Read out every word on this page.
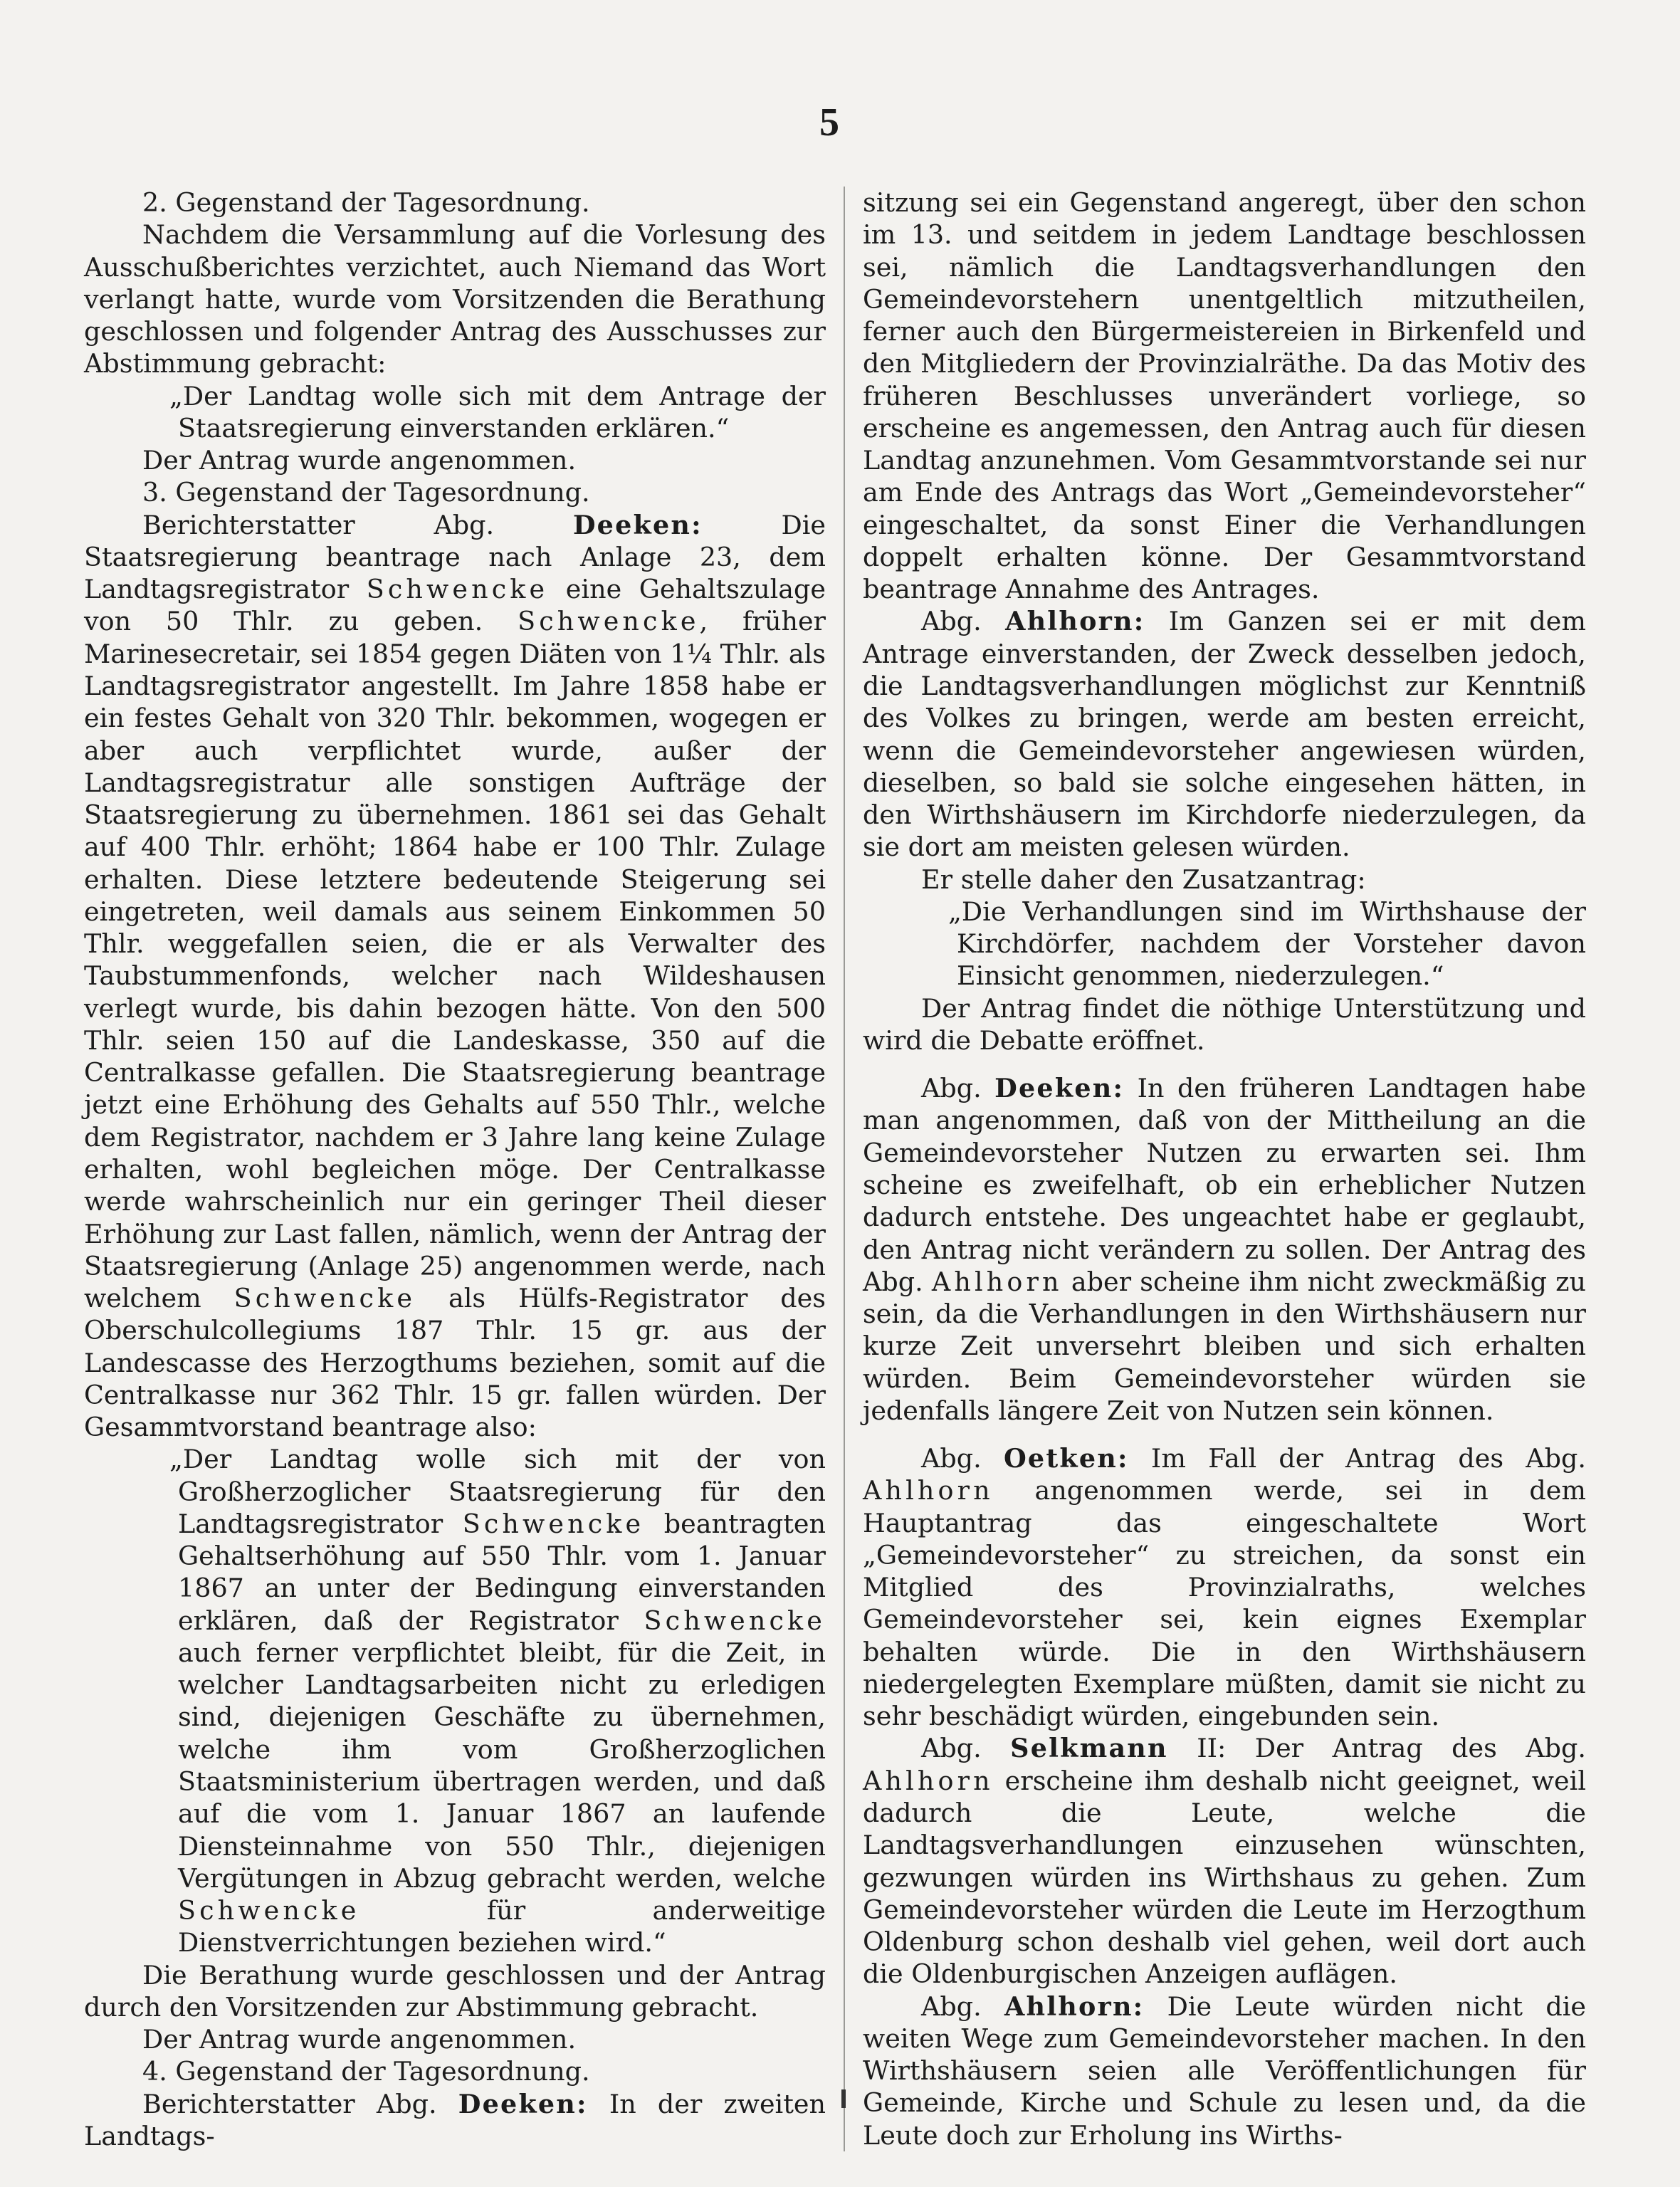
5

2. Gegenstand der Tagesordnung.

Nachdem die Versammlung auf die Vorlesung des Ausschußberichtes verzichtet, auch Niemand das Wort verlangt hatte, wurde vom Vorsitzenden die Berathung geschlossen und folgender Antrag des Ausschusses zur Abstimmung gebracht:

„Der Landtag wolle sich mit dem Antrage der Staatsregierung einverstanden erklären.“

Der Antrag wurde angenommen.

3. Gegenstand der Tagesordnung.

Berichterstatter Abg. Deeken: Die Staatsregierung beantrage nach Anlage 23, dem Landtagsregistrator Schwencke eine Gehaltszulage von 50 Thlr. zu geben. Schwencke, früher Marinesecretair, sei 1854 gegen Diäten von 1¼ Thlr. als Landtagsregistrator angestellt. Im Jahre 1858 habe er ein festes Gehalt von 320 Thlr. bekommen, wogegen er aber auch verpflichtet wurde, außer der Landtagsregistratur alle sonstigen Aufträge der Staatsregierung zu übernehmen. 1861 sei das Gehalt auf 400 Thlr. erhöht; 1864 habe er 100 Thlr. Zulage erhalten. Diese letztere bedeutende Steigerung sei eingetreten, weil damals aus seinem Einkommen 50 Thlr. weggefallen seien, die er als Verwalter des Taubstummenfonds, welcher nach Wildeshausen verlegt wurde, bis dahin bezogen hätte. Von den 500 Thlr. seien 150 auf die Landeskasse, 350 auf die Centralkasse gefallen. Die Staatsregierung beantrage jetzt eine Erhöhung des Gehalts auf 550 Thlr., welche dem Registrator, nachdem er 3 Jahre lang keine Zulage erhalten, wohl begleichen möge. Der Centralkasse werde wahrscheinlich nur ein geringer Theil dieser Erhöhung zur Last fallen, nämlich, wenn der Antrag der Staatsregierung (Anlage 25) angenommen werde, nach welchem Schwencke als Hülfs-Registrator des Oberschulcollegiums 187 Thlr. 15 gr. aus der Landescasse des Herzogthums beziehen, somit auf die Centralkasse nur 362 Thlr. 15 gr. fallen würden. Der Gesammtvorstand beantrage also:

„Der Landtag wolle sich mit der von Großherzoglicher Staatsregierung für den Landtagsregistrator Schwencke beantragten Gehaltserhöhung auf 550 Thlr. vom 1. Januar 1867 an unter der Bedingung einverstanden erklären, daß der Registrator Schwencke auch ferner verpflichtet bleibt, für die Zeit, in welcher Landtagsarbeiten nicht zu erledigen sind, diejenigen Geschäfte zu übernehmen, welche ihm vom Großherzoglichen Staatsministerium übertragen werden, und daß auf die vom 1. Januar 1867 an laufende Diensteinnahme von 550 Thlr., diejenigen Vergütungen in Abzug gebracht werden, welche Schwencke für anderweitige Dienstverrichtungen beziehen wird.“

Die Berathung wurde geschlossen und der Antrag durch den Vorsitzenden zur Abstimmung gebracht.

Der Antrag wurde angenommen.

4. Gegenstand der Tagesordnung.

Berichterstatter Abg. Deeken: In der zweiten Landtags-

sitzung sei ein Gegenstand angeregt, über den schon im 13. und seitdem in jedem Landtage beschlossen sei, nämlich die Landtagsverhandlungen den Gemeindevorstehern unentgeltlich mitzutheilen, ferner auch den Bürgermeistereien in Birkenfeld und den Mitgliedern der Provinzialräthe. Da das Motiv des früheren Beschlusses unverändert vorliege, so erscheine es angemessen, den Antrag auch für diesen Landtag anzunehmen. Vom Gesammtvorstande sei nur am Ende des Antrags das Wort „Gemeindevorsteher“ eingeschaltet, da sonst Einer die Verhandlungen doppelt erhalten könne. Der Gesammtvorstand beantrage Annahme des Antrages.

Abg. Ahlhorn: Im Ganzen sei er mit dem Antrage einverstanden, der Zweck desselben jedoch, die Landtagsverhandlungen möglichst zur Kenntniß des Volkes zu bringen, werde am besten erreicht, wenn die Gemeindevorsteher angewiesen würden, dieselben, so bald sie solche eingesehen hätten, in den Wirthshäusern im Kirchdorfe niederzulegen, da sie dort am meisten gelesen würden.

Er stelle daher den Zusatzantrag:

„Die Verhandlungen sind im Wirthshause der Kirchdörfer, nachdem der Vorsteher davon Einsicht genommen, niederzulegen.“

Der Antrag findet die nöthige Unterstützung und wird die Debatte eröffnet.

Abg. Deeken: In den früheren Landtagen habe man angenommen, daß von der Mittheilung an die Gemeindevorsteher Nutzen zu erwarten sei. Ihm scheine es zweifelhaft, ob ein erheblicher Nutzen dadurch entstehe. Des ungeachtet habe er geglaubt, den Antrag nicht verändern zu sollen. Der Antrag des Abg. Ahlhorn aber scheine ihm nicht zweckmäßig zu sein, da die Verhandlungen in den Wirthshäusern nur kurze Zeit unversehrt bleiben und sich erhalten würden. Beim Gemeindevorsteher würden sie jedenfalls längere Zeit von Nutzen sein können.

Abg. Oetken: Im Fall der Antrag des Abg. Ahlhorn angenommen werde, sei in dem Hauptantrag das eingeschaltete Wort „Gemeindevorsteher“ zu streichen, da sonst ein Mitglied des Provinzialraths, welches Gemeindevorsteher sei, kein eignes Exemplar behalten würde. Die in den Wirthshäusern niedergelegten Exemplare müßten, damit sie nicht zu sehr beschädigt würden, eingebunden sein.

Abg. Selkmann II: Der Antrag des Abg. Ahlhorn erscheine ihm deshalb nicht geeignet, weil dadurch die Leute, welche die Landtagsverhandlungen einzusehen wünschten, gezwungen würden ins Wirthshaus zu gehen. Zum Gemeindevorsteher würden die Leute im Herzogthum Oldenburg schon deshalb viel gehen, weil dort auch die Oldenburgischen Anzeigen auflägen.

Abg. Ahlhorn: Die Leute würden nicht die weiten Wege zum Gemeindevorsteher machen. In den Wirthshäusern seien alle Veröffentlichungen für Gemeinde, Kirche und Schule zu lesen und, da die Leute doch zur Erholung ins Wirths-
